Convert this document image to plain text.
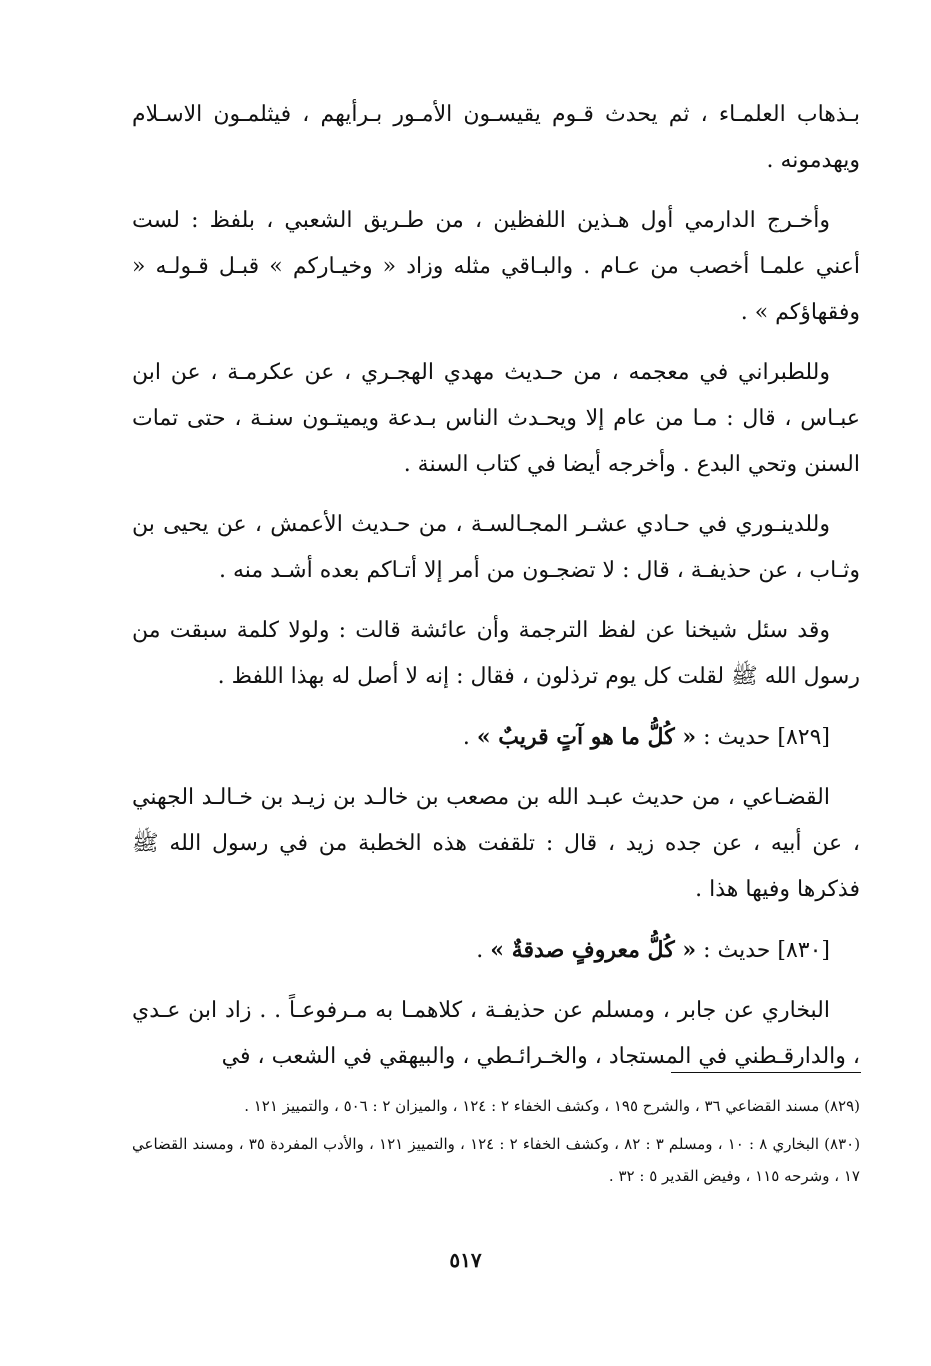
بـذهاب العلمـاء ، ثم يحدث قـوم يقيسـون الأمـور بـرأيهم ، فيثلمـون الاسـلام ويهدمونه .

وأخـرج الدارمي أول هـذين اللفظين ، من طـريق الشعبي ، بلفظ : لست أعني علمـا أخصب من عـام . والبـاقي مثله وزاد « وخيـاركم » قبـل قـولـه « وفقهاؤكم » .

وللطبراني في معجمه ، من حـديث مهدي الهجـري ، عن عكرمـة ، عن ابن عبـاس ، قال : مـا من عام إلا ويحـدث الناس بـدعة ويميتـون سنـة ، حتى تمات السنن وتحي البدع . وأخرجه أيضا في كتاب السنة .

وللدينـوري في حـادي عشـر المجـالسـة ، من حـديث الأعمش ، عن يحيى بن وثـاب ، عن حذيفـة ، قال : لا تضجـون من أمر إلا أتـاكم بعده أشـد منه .

وقد سئل شيخنا عن لفظ الترجمة وأن عائشة قالت : ولولا كلمة سبقت من رسول الله ﷺ لقلت كل يوم ترذلون ، فقال : إنه لا أصل له بهذا اللفظ .

[٨٢٩] حديث : « كُلُّ ما هو آتٍ قريبٌ » .

القضـاعي ، من حديث عبـد الله بن مصعب بن خالـد بن زيـد بن خـالـد الجهني ، عن أبيه ، عن جده زيد ، قال : تلقفت هذه الخطبة من في رسول الله ﷺ فذكرها وفيها هذا .

[٨٣٠] حديث : « كُلُّ معروفٍ صدقةٌ » .

البخاري عن جابر ، ومسلم عن حذيفـة ، كلاهمـا به مـرفوعـاً . . زاد ابن عـدي ، والدارقـطني في المستجاد ، والخـرائـطي ، والبيهقي في الشعب ، في

(٨٢٩) مسند القضاعي ٣٦ ، والشرح ١٩٥ ، وكشف الخفاء ٢ : ١٢٤ ، والميزان ٢ : ٥٠٦ ، والتمييز ١٢١ .

(٨٣٠) البخاري ٨ : ١٠ ، ومسلم ٣ : ٨٢ ، وكشف الخفاء ٢ : ١٢٤ ، والتمييز ١٢١ ، والأدب المفردة ٣٥ ، ومسند القضاعي ١٧ ، وشرحه ١١٥ ، وفيض القدير ٥ : ٣٢ .

٥١٧
